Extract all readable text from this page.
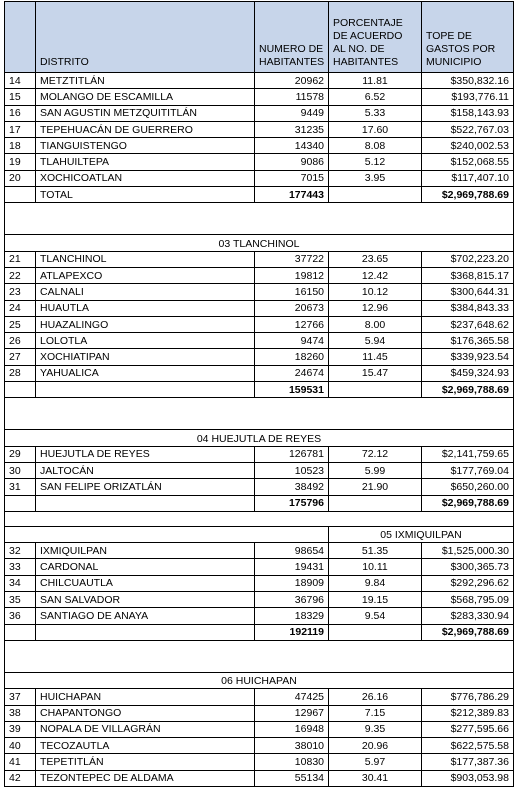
	DISTRITO	NUMERO DE HABITANTES	PORCENTAJE DE ACUERDO AL NO. DE HABITANTES	TOPE DE GASTOS POR MUNICIPIO
14	METZTITLÁN	20962	11.81	$350,832.16
15	MOLANGO DE ESCAMILLA	11578	6.52	$193,776.11
16	SAN AGUSTIN METZQUITITLÁN	9449	5.33	$158,143.93
17	TEPEHUACÁN DE GUERRERO	31235	17.60	$522,767.03
18	TIANGUISTENGO	14340	8.08	$240,002.53
19	TLAHUILTEPA	9086	5.12	$152,068.55
20	XOCHICOATLAN	7015	3.95	$117,407.10
	TOTAL	177443		$2,969,788.69

03 TLANCHINOL				
21	TLANCHINOL	37722	23.65	$702,223.20
22	ATLAPEXCO	19812	12.42	$368,815.17
23	CALNALI	16150	10.12	$300,644.31
24	HUAUTLA	20673	12.96	$384,843.33
25	HUAZALINGO	12766	8.00	$237,648.62
26	LOLOTLA	9474	5.94	$176,365.58
27	XOCHIATIPAN	18260	11.45	$339,923.54
28	YAHUALICA	24674	15.47	$459,324.93
		159531		$2,969,788.69

04 HUEJUTLA DE REYES				
29	HUEJUTLA DE REYES	126781	72.12	$2,141,759.65
30	JALTOCÁN	10523	5.99	$177,769.04
31	SAN FELIPE ORIZATLÁN	38492	21.90	$650,260.00
		175796		$2,969,788.69

			05 IXMIQUILPAN	
32	IXMIQUILPAN	98654	51.35	$1,525,000.30
33	CARDONAL	19431	10.11	$300,365.73
34	CHILCUAUTLA	18909	9.84	$292,296.62
35	SAN SALVADOR	36796	19.15	$568,795.09
36	SANTIAGO DE ANAYA	18329	9.54	$283,330.94
		192119		$2,969,788.69

06 HUICHAPAN				
37	HUICHAPAN	47425	26.16	$776,786.29
38	CHAPANTONGO	12967	7.15	$212,389.83
39	NOPALA DE VILLAGRÁN	16948	9.35	$277,595.66
40	TECOZAUTLA	38010	20.96	$622,575.58
41	TEPETITLÁN	10830	5.97	$177,387.36
42	TEZONTEPEC DE ALDAMA	55134	30.41	$903,053.98
